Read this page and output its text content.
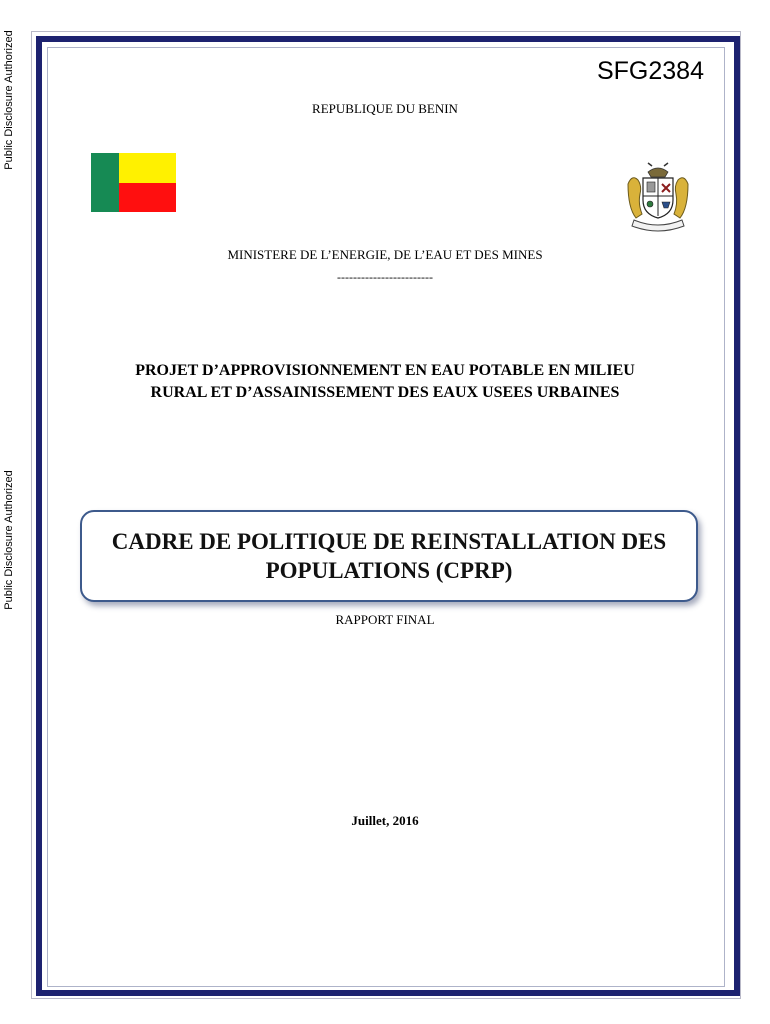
Public Disclosure Authorized
Public Disclosure Authorized
SFG2384
REPUBLIQUE DU BENIN
MINISTERE DE L’ENERGIE, DE L’EAU ET DES MINES
------------------------
PROJET D’APPROVISIONNEMENT EN EAU POTABLE EN MILIEU
RURAL ET D’ASSAINISSEMENT DES EAUX USEES URBAINES
CADRE DE POLITIQUE DE REINSTALLATION DES
POPULATIONS (CPRP)
RAPPORT FINAL
Juillet, 2016
